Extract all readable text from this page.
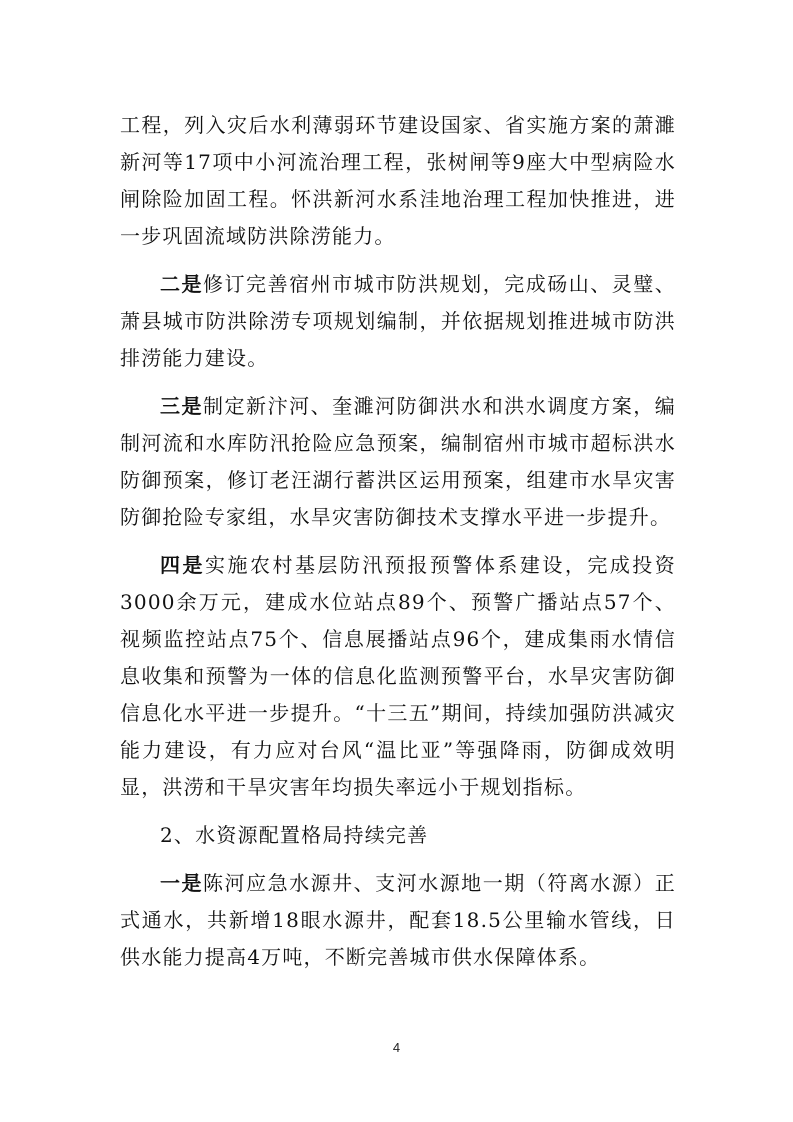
工程，列入灾后水利薄弱环节建设国家、省实施方案的萧濉新河等17项中小河流治理工程，张树闸等9座大中型病险水闸除险加固工程。怀洪新河水系洼地治理工程加快推进，进一步巩固流域防洪除涝能力。

二是修订完善宿州市城市防洪规划，完成砀山、灵璧、萧县城市防洪除涝专项规划编制，并依据规划推进城市防洪排涝能力建设。

三是制定新汴河、奎濉河防御洪水和洪水调度方案，编制河流和水库防汛抢险应急预案，编制宿州市城市超标洪水防御预案，修订老汪湖行蓄洪区运用预案，组建市水旱灾害防御抢险专家组，水旱灾害防御技术支撑水平进一步提升。

四是实施农村基层防汛预报预警体系建设，完成投资3000余万元，建成水位站点89个、预警广播站点57个、视频监控站点75个、信息展播站点96个，建成集雨水情信息收集和预警为一体的信息化监测预警平台，水旱灾害防御信息化水平进一步提升。“十三五”期间，持续加强防洪减灾能力建设，有力应对台风“温比亚”等强降雨，防御成效明显，洪涝和干旱灾害年均损失率远小于规划指标。

2、水资源配置格局持续完善

一是陈河应急水源井、支河水源地一期（符离水源）正式通水，共新增18眼水源井，配套18.5公里输水管线，日供水能力提高4万吨，不断完善城市供水保障体系。

4
